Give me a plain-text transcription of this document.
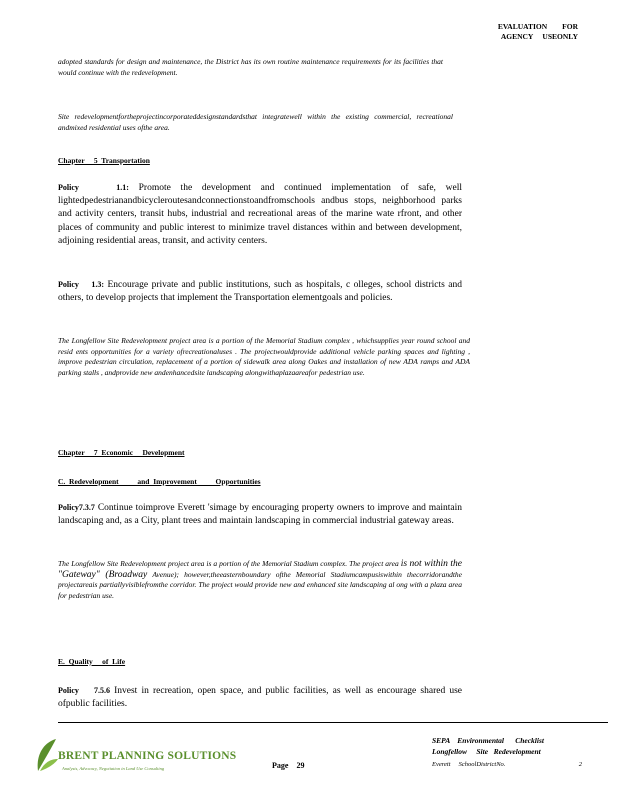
EVALUATION        FOR
AGENCY     USEONLY
adopted standards for design and maintenance, the District has its own routine maintenance requirements for its facilities that would continue with the redevelopment.
Site redevelopmentfortheprojectincorporateddesignstandardsthat integratewell within the existing commercial, recreational andmixed residential uses ofthe area.
Chapter     5  Transportation
Policy    1.1: Promote the development and continued implementation of safe, well lightedpedestrianandbicycleroutesandconnectionstoandfromschools andbus stops, neighborhood parks and activity centers, transit hubs, industrial and recreational areas of the marine wate rfront, and other places of community and public interest to minimize travel distances within and between development, adjoining residential areas, transit, and activity centers.
Policy    1.3: Encourage private and public institutions, such as hospitals, c olleges, school districts and others, to develop projects that implement the Transportation elementgoals and policies.
The Longfellow Site Redevelopment project area is a portion of the Memorial Stadium complex , whichsupplies year round school and resid ents opportunities for a variety ofrecreationaluses . The projectwouldprovide additional vehicle parking spaces and lighting , improve pedestrian circulation, replacement of a portion of sidewalk area along Oakes and installation of new ADA ramps and ADA parking stalls , andprovide new andenhancedsite landscaping alongwithaplazaareafor pedestrian use.
Chapter     7  Economic     Development
C.  Redevelopment          and  Improvement          Opportunities
Policy7.3.7 Continue toimprove Everett 'simage by encouraging property owners to improve and maintain landscaping and, as a City, plant trees and maintain landscaping in commercial industrial gateway areas.
The Longfellow Site Redevelopment project area is a portion of the Memorial Stadium complex. The project area is not within the "Gateway" (Broadway Avenue); however,theeasternboundary ofthe Memorial Stadiumcampusiswithin thecorridorandthe projectareais partiallyvisiblefromthe corridor. The project would provide new and enhanced site landscaping al ong with a plaza area for pedestrian use.
E.  Quality     of  Life
Policy    7.5.6 Invest in recreation, open space, and public facilities, as well as encourage shared use ofpublic facilities.
BRENT PLANNING SOLUTIONS
Analysis, Advocacy, Negotiation in Land Use Consulting	Page    29
SEPA    Environmental      Checklist
Longfellow     Site   Redevelopment
Everett     SchoolDistrictNo.	2
